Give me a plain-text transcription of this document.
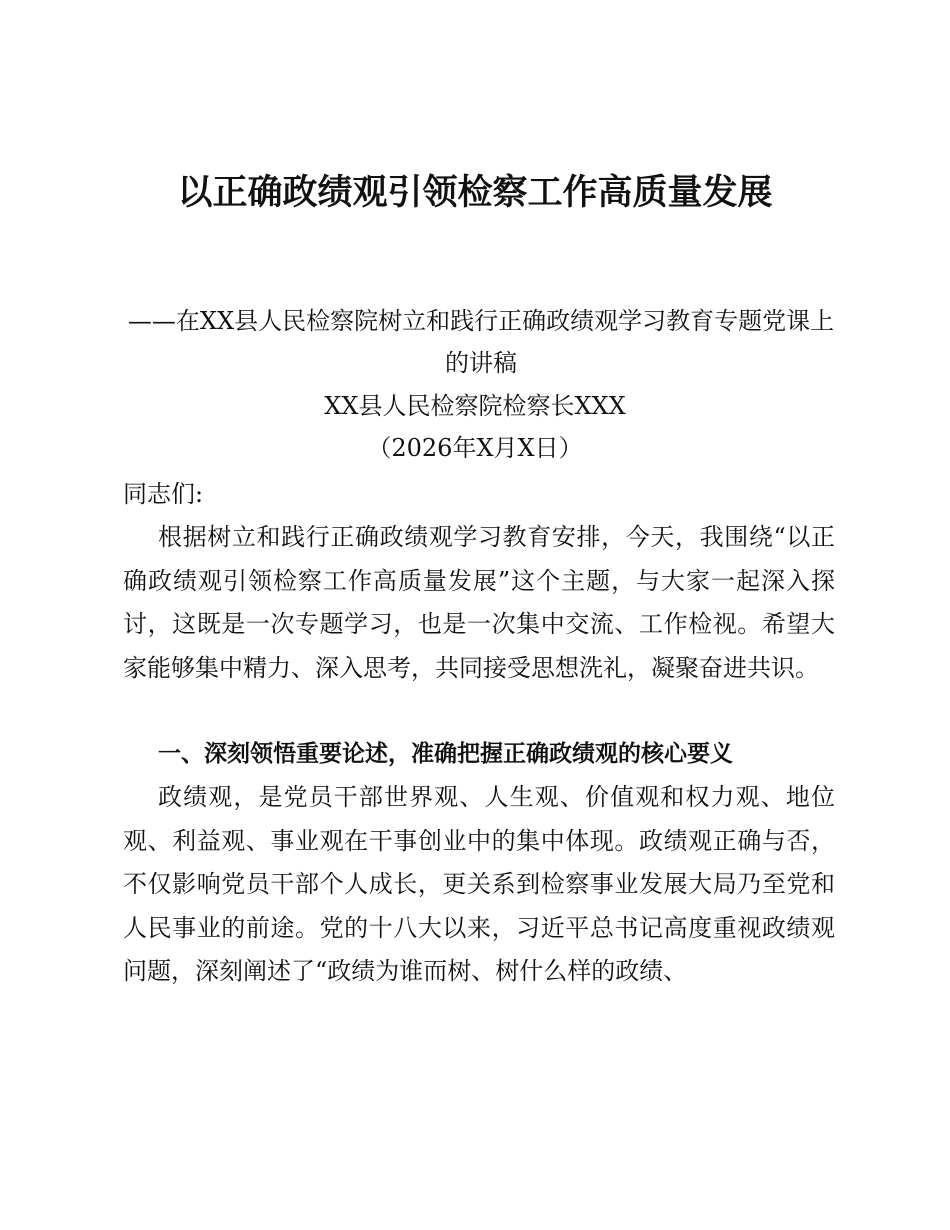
以正确政绩观引领检察工作高质量发展
——在XX县人民检察院树立和践行正确政绩观学习教育专题党课上的讲稿
XX县人民检察院检察长XXX
（2026年X月X日）
同志们:
根据树立和践行正确政绩观学习教育安排，今天，我围绕“以正确政绩观引领检察工作高质量发展”这个主题，与大家一起深入探讨，这既是一次专题学习，也是一次集中交流、工作检视。希望大家能够集中精力、深入思考，共同接受思想洗礼，凝聚奋进共识。
一、深刻领悟重要论述，准确把握正确政绩观的核心要义
政绩观，是党员干部世界观、人生观、价值观和权力观、地位观、利益观、事业观在干事创业中的集中体现。政绩观正确与否，不仅影响党员干部个人成长，更关系到检察事业发展大局乃至党和人民事业的前途。党的十八大以来，习近平总书记高度重视政绩观问题，深刻阐述了“政绩为谁而树、树什么样的政绩、
